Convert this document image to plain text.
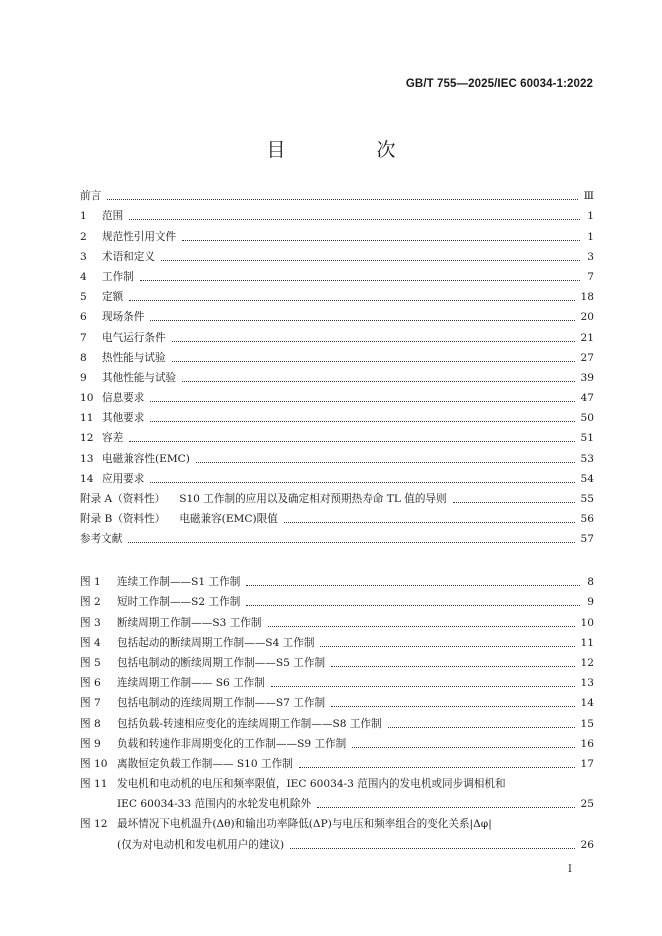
GB/T 755—2025/IEC 60034-1:2022
目　次
前言	Ⅲ
1	范围	1
2	规范性引用文件	1
3	术语和定义	3
4	工作制	7
5	定额	18
6	现场条件	20
7	电气运行条件	21
8	热性能与试验	27
9	其他性能与试验	39
10 信息要求	47
11 其他要求	50
12 容差	51
13 电磁兼容性(EMC)	53
14 应用要求	54
附录 A（资料性） S10 工作制的应用以及确定相对预期热寿命 TL 值的导则	55
附录 B（资料性） 电磁兼容(EMC)限值	56
参考文献	57
图 1	连续工作制——S1 工作制	8
图 2	短时工作制——S2 工作制	9
图 3	断续周期工作制——S3 工作制	10
图 4	包括起动的断续周期工作制——S4 工作制	11
图 5	包括电制动的断续周期工作制——S5 工作制	12
图 6	连续周期工作制—— S6 工作制	13
图 7	包括电制动的连续周期工作制——S7 工作制	14
图 8	包括负载-转速相应变化的连续周期工作制——S8 工作制	15
图 9	负载和转速作非周期变化的工作制——S9 工作制	16
图 10 离散恒定负载工作制—— S10 工作制	17
图 11 发电机和电动机的电压和频率限值，IEC 60034-3 范围内的发电机或同步调相机和
IEC 60034-33 范围内的水轮发电机除外	25
图 12 最坏情况下电机温升(Δθ)和输出功率降低(ΔP)与电压和频率组合的变化关系|Δφ|
(仅为对电动机和发电机用户的建议)	26
I
